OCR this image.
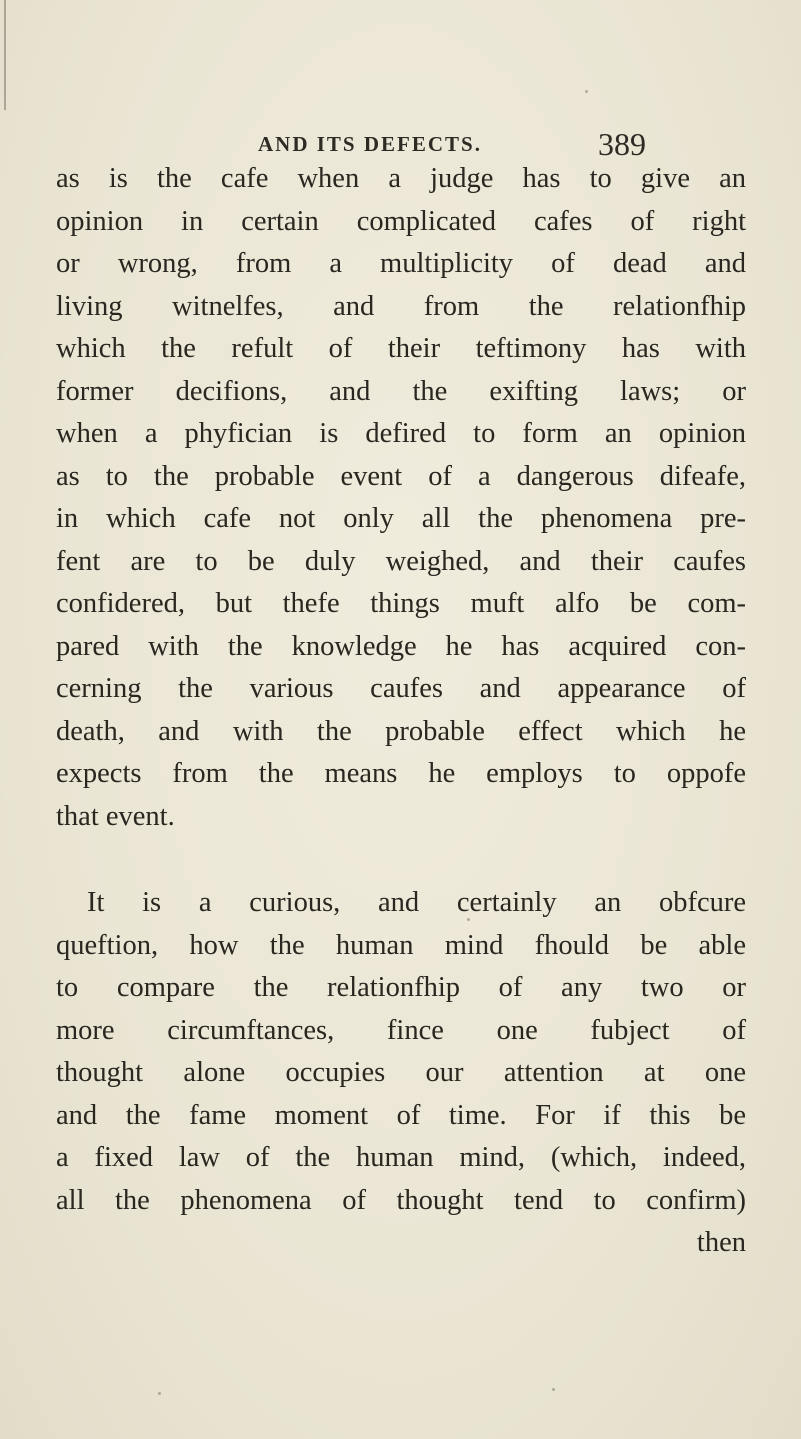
AND ITS DEFECTS.	389
as is the cafe when a judge has to give an
opinion in certain complicated cafes of right
or wrong, from a multiplicity of dead and
living witnelfes, and from the relationfhip
which the refult of their teftimony has with
former decifions, and the exifting laws; or
when a phyfician is defired to form an opinion
as to the probable event of a dangerous difeafe,
in which cafe not only all the phenomena pre-
fent are to be duly weighed, and their caufes
confidered, but thefe things muft alfo be com-
pared with the knowledge he has acquired con-
cerning the various caufes and appearance of
death, and with the probable effect which he
expects from the means he employs to oppofe
that event.
It is a curious, and certainly an obfcure
queftion, how the human mind fhould be able
to compare the relationfhip of any two or
more circumftances, fince one fubject of
thought alone occupies our attention at one
and the fame moment of time. For if this be
a fixed law of the human mind, (which, indeed,
all the phenomena of thought tend to confirm)
then
